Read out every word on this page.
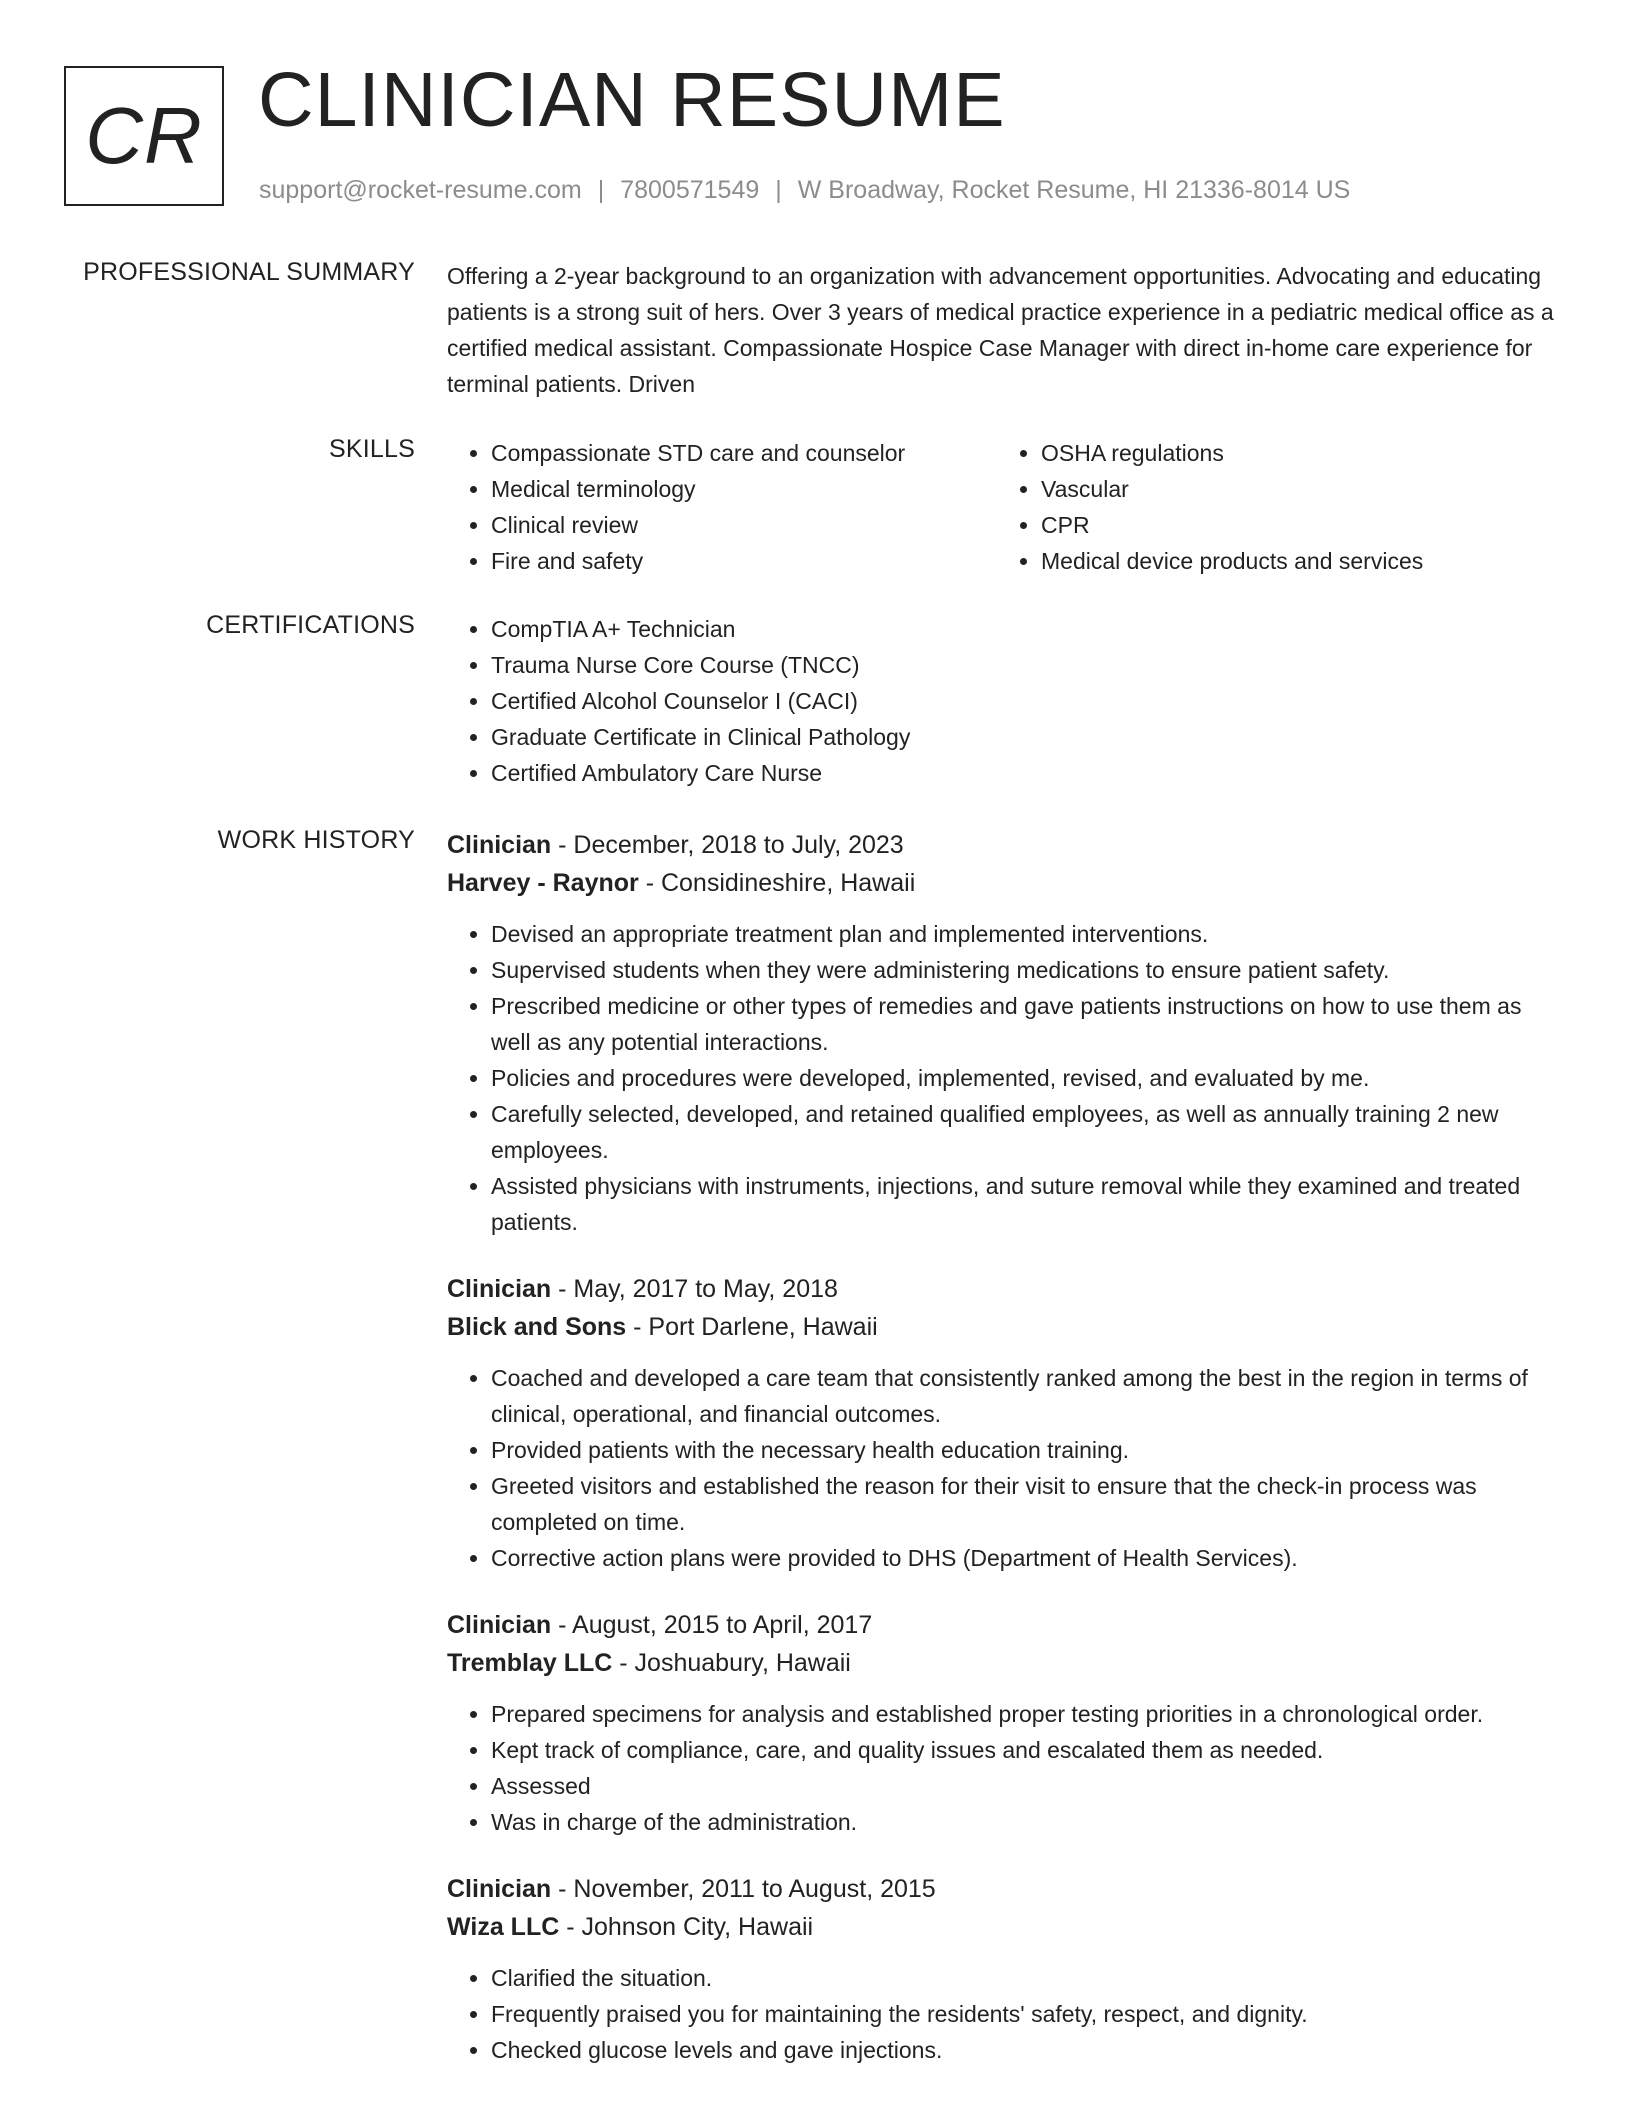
CR CLINICIAN RESUME
support@rocket-resume.com | 7800571549 | W Broadway, Rocket Resume, HI 21336-8014 US
PROFESSIONAL SUMMARY Offering a 2-year background to an organization with advancement opportunities. Advocating and educating patients is a strong suit of hers. Over 3 years of medical practice experience in a pediatric medical office as a certified medical assistant. Compassionate Hospice Case Manager with direct in-home care experience for terminal patients. Driven

SKILLS	• Compassionate STD care and counselor
• Medical terminology
• Clinical review
• Fire and safety
• OSHA regulations
• Vascular
• CPR
• Medical device products and services
CERTIFICATIONS	• CompTIA A+ Technician
• Trauma Nurse Core Course (TNCC)
• Certified Alcohol Counselor I (CACI)
• Graduate Certificate in Clinical Pathology
• Certified Ambulatory Care Nurse
WORK HISTORY Clinician - December, 2018 to July, 2023
Harvey - Raynor - Considineshire, Hawaii
• Devised an appropriate treatment plan and implemented interventions.
• Supervised students when they were administering medications to ensure patient safety.
• Prescribed medicine or other types of remedies and gave patients instructions on how to use them as well as any potential interactions.
• Policies and procedures were developed, implemented, revised, and evaluated by me.
• Carefully selected, developed, and retained qualified employees, as well as annually training 2 new employees.
• Assisted physicians with instruments, injections, and suture removal while they examined and treated patients.
Clinician - May, 2017 to May, 2018
Blick and Sons - Port Darlene, Hawaii
• Coached and developed a care team that consistently ranked among the best in the region in terms of clinical, operational, and financial outcomes.
• Provided patients with the necessary health education training.
• Greeted visitors and established the reason for their visit to ensure that the check-in process was completed on time.
• Corrective action plans were provided to DHS (Department of Health Services).
Clinician - August, 2015 to April, 2017
Tremblay LLC - Joshuabury, Hawaii
• Prepared specimens for analysis and established proper testing priorities in a chronological order.
• Kept track of compliance, care, and quality issues and escalated them as needed.
• Assessed
• Was in charge of the administration.
Clinician - November, 2011 to August, 2015
Wiza LLC - Johnson City, Hawaii
• Clarified the situation.
• Frequently praised you for maintaining the residents' safety, respect, and dignity.
• Checked glucose levels and gave injections.
